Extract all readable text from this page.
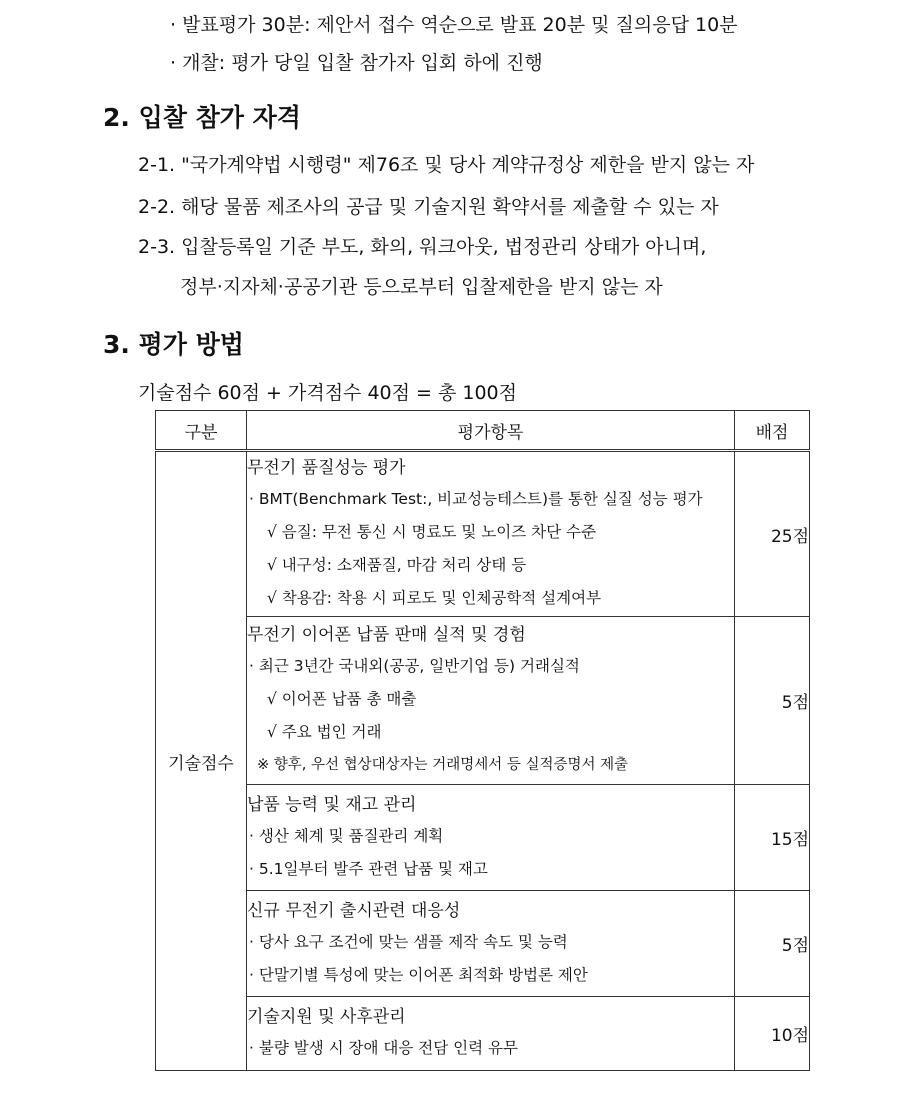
· 발표평가 30분: 제안서 접수 역순으로 발표 20분 및 질의응답 10분
· 개찰: 평가 당일 입찰 참가자 입회 하에 진행
2. 입찰 참가 자격
2-1. "국가계약법 시행령" 제76조 및 당사 계약규정상 제한을 받지 않는 자
2-2. 해당 물품 제조사의 공급 및 기술지원 확약서를 제출할 수 있는 자
2-3. 입찰등록일 기준 부도, 화의, 워크아웃, 법정관리 상태가 아니며,
정부·지자체·공공기관 등으로부터 입찰제한을 받지 않는 자
3. 평가 방법
기술점수 60점 + 가격점수 40점 = 총 100점
구분	평가항목	배점
기술점수	무전기 품질성능 평가
· BMT(Benchmark Test:, 비교성능테스트)를 통한 실질 성능 평가
√ 음질: 무전 통신 시 명료도 및 노이즈 차단 수준
√ 내구성: 소재품질, 마감 처리 상태 등
√ 착용감: 착용 시 피로도 및 인체공학적 설계여부	25점

	무전기 이어폰 납품 판매 실적 및 경험
· 최근 3년간 국내외(공공, 일반기업 등) 거래실적
√ 이어폰 납품 총 매출
√ 주요 법인 거래
※ 향후, 우선 협상대상자는 거래명세서 등 실적증명서 제출	5점

	납품 능력 및 재고 관리
· 생산 체계 및 품질관리 계획
· 5.1일부터 발주 관련 납품 및 재고	15점

	신규 무전기 출시관련 대응성
· 당사 요구 조건에 맞는 샘플 제작 속도 및 능력
· 단말기별 특성에 맞는 이어폰 최적화 방법론 제안	5점

	기술지원 및 사후관리
· 불량 발생 시 장애 대응 전담 인력 유무	10점
